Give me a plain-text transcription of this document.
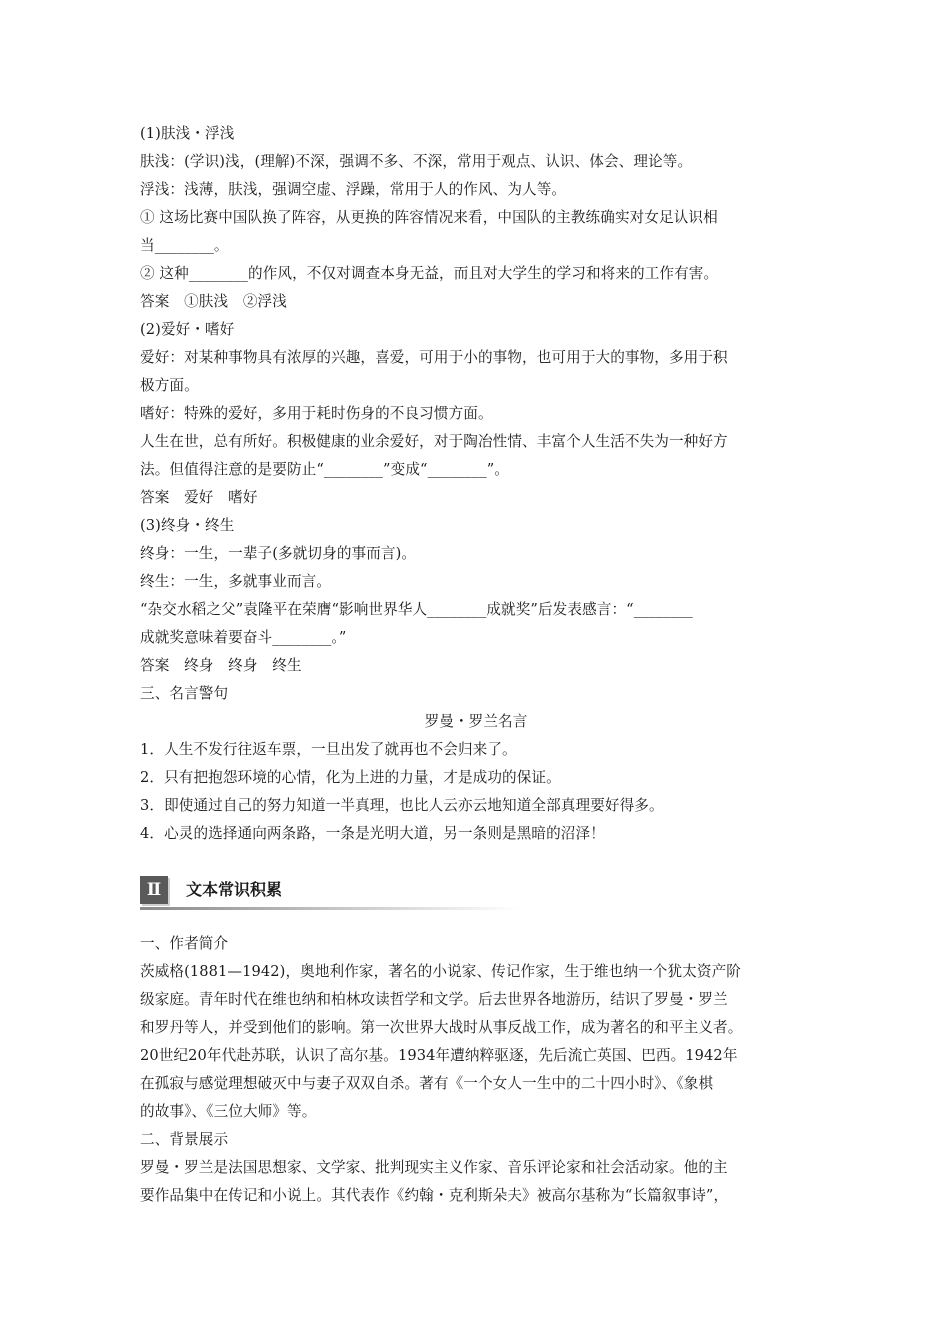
(1)肤浅・浮浅
肤浅：(学识)浅，(理解)不深，强调不多、不深，常用于观点、认识、体会、理论等。
浮浅：浅薄，肤浅，强调空虚、浮躁，常用于人的作风、为人等。
① 这场比赛中国队换了阵容，从更换的阵容情况来看，中国队的主教练确实对女足认识相
当________。
② 这种________的作风，不仅对调查本身无益，而且对大学生的学习和将来的工作有害。
答案　①肤浅　②浮浅
(2)爱好・嗜好
爱好：对某种事物具有浓厚的兴趣，喜爱，可用于小的事物，也可用于大的事物，多用于积
极方面。
嗜好：特殊的爱好，多用于耗时伤身的不良习惯方面。
人生在世，总有所好。积极健康的业余爱好，对于陶冶性情、丰富个人生活不失为一种好方
法。但值得注意的是要防止“________”变成“________”。
答案　爱好　嗜好
(3)终身・终生
终身：一生，一辈子(多就切身的事而言)。
终生：一生，多就事业而言。
“杂交水稻之父”袁隆平在荣膺“影响世界华人________成就奖”后发表感言：“________
成就奖意味着要奋斗________。”
答案　终身　终身　终生
三、名言警句
罗曼・罗兰名言
1．人生不发行往返车票，一旦出发了就再也不会归来了。
2．只有把抱怨环境的心情，化为上进的力量，才是成功的保证。
3．即使通过自己的努力知道一半真理，也比人云亦云地知道全部真理要好得多。
4．心灵的选择通向两条路，一条是光明大道，另一条则是黑暗的沼泽！
Ⅱ	文本常识积累
一、作者简介
茨威格(1881—1942)，奥地利作家，著名的小说家、传记作家，生于维也纳一个犹太资产阶
级家庭。青年时代在维也纳和柏林攻读哲学和文学。后去世界各地游历，结识了罗曼・罗兰
和罗丹等人，并受到他们的影响。第一次世界大战时从事反战工作，成为著名的和平主义者。
20世纪20年代赴苏联，认识了高尔基。1934年遭纳粹驱逐，先后流亡英国、巴西。1942年
在孤寂与感觉理想破灭中与妻子双双自杀。著有《一个女人一生中的二十四小时》、《象棋
的故事》、《三位大师》等。
二、背景展示
罗曼・罗兰是法国思想家、文学家、批判现实主义作家、音乐评论家和社会活动家。他的主
要作品集中在传记和小说上。其代表作《约翰・克利斯朵夫》被高尔基称为“长篇叙事诗”，
